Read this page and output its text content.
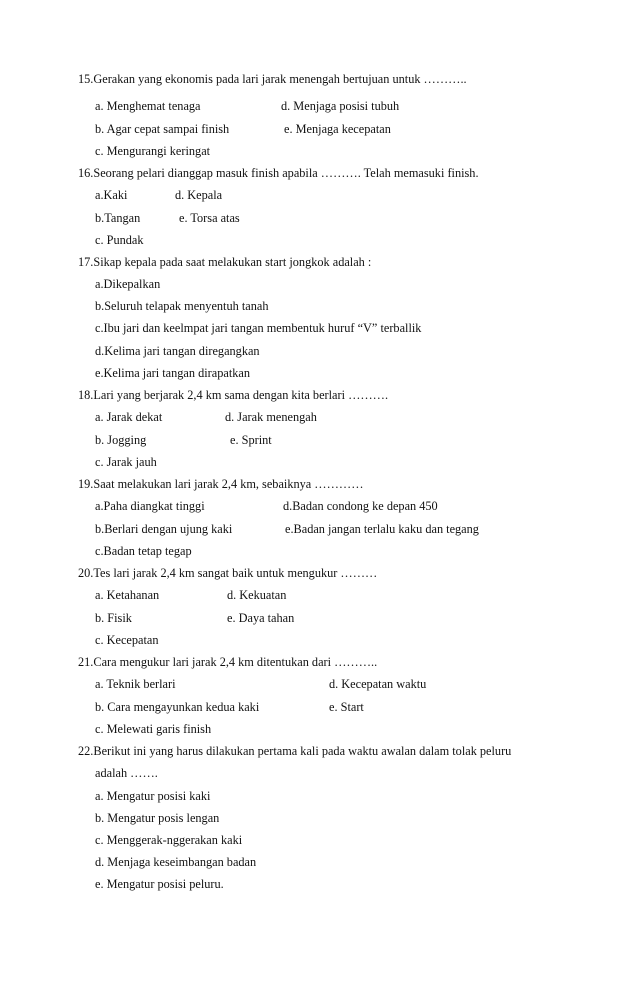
15.Gerakan yang ekonomis pada lari jarak menengah bertujuan untuk ………..
a. Menghemat tenaga	d. Menjaga posisi tubuh
b. Agar cepat sampai finish	e. Menjaga kecepatan
c. Mengurangi keringat
16.Seorang pelari dianggap masuk finish apabila ………. Telah memasuki finish.
a.Kaki	d. Kepala
b.Tangan	e. Torsa atas
c. Pundak
17.Sikap kepala pada saat melakukan start jongkok adalah :
a.Dikepalkan
b.Seluruh telapak menyentuh tanah
c.Ibu jari dan keelmpat jari tangan membentuk huruf “V” terballik
d.Kelima jari tangan diregangkan
e.Kelima jari tangan dirapatkan
18.Lari yang berjarak 2,4 km sama dengan kita berlari ……….
a. Jarak dekat	d. Jarak menengah
b. Jogging	e. Sprint
c. Jarak jauh
19.Saat melakukan lari jarak 2,4 km, sebaiknya …………
a.Paha diangkat tinggi	d.Badan condong ke depan 450
b.Berlari dengan ujung kaki	e.Badan jangan terlalu kaku dan tegang
c.Badan tetap tegap
20.Tes lari jarak 2,4 km sangat baik untuk mengukur ………
a. Ketahanan	d. Kekuatan
b. Fisik	e. Daya tahan
c. Kecepatan
21.Cara mengukur lari jarak 2,4 km ditentukan dari ………..
a. Teknik berlari	d. Kecepatan waktu
b. Cara mengayunkan kedua kaki	e. Start
c. Melewati garis finish
22.Berikut ini yang harus dilakukan pertama kali pada waktu awalan dalam tolak peluru
adalah …….
a. Mengatur posisi kaki
b. Mengatur posis lengan
c. Menggerak-nggerakan kaki
d. Menjaga keseimbangan badan
e. Mengatur posisi peluru.
